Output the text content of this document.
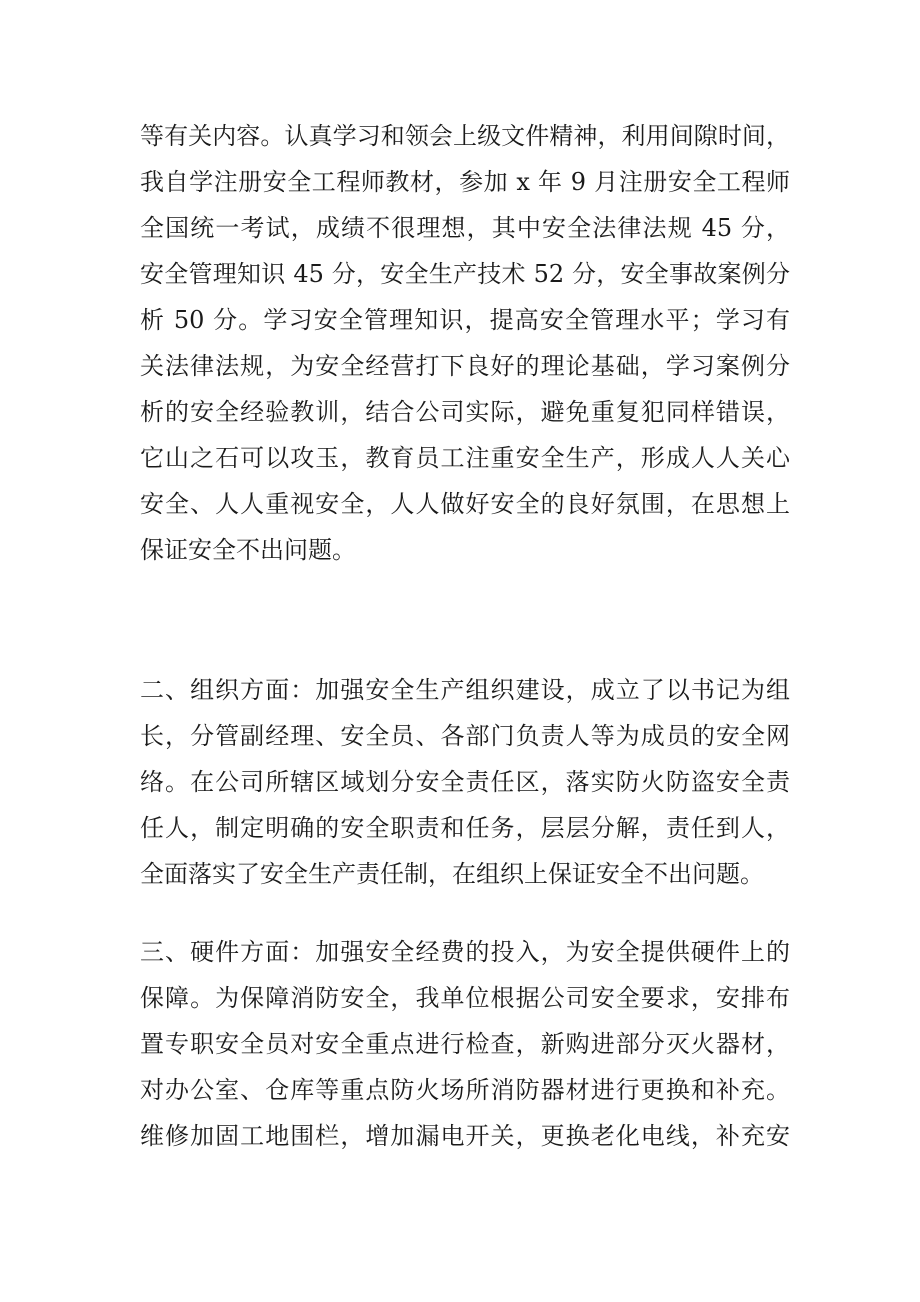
等有关内容。认真学习和领会上级文件精神，利用间隙时间，
我自学注册安全工程师教材，参加 x 年 9 月注册安全工程师
全国统一考试，成绩不很理想，其中安全法律法规 45 分，
安全管理知识 45 分，安全生产技术 52 分，安全事故案例分
析 50 分。学习安全管理知识，提高安全管理水平；学习有
关法律法规，为安全经营打下良好的理论基础，学习案例分
析的安全经验教训，结合公司实际，避免重复犯同样错误，
它山之石可以攻玉，教育员工注重安全生产，形成人人关心
安全、人人重视安全，人人做好安全的良好氛围，在思想上
保证安全不出问题。
二、组织方面：加强安全生产组织建设，成立了以书记为组
长，分管副经理、安全员、各部门负责人等为成员的安全网
络。在公司所辖区域划分安全责任区，落实防火防盗安全责
任人，制定明确的安全职责和任务，层层分解，责任到人，
全面落实了安全生产责任制，在组织上保证安全不出问题。
三、硬件方面：加强安全经费的投入，为安全提供硬件上的
保障。为保障消防安全，我单位根据公司安全要求，安排布
置专职安全员对安全重点进行检查，新购进部分灭火器材，
对办公室、仓库等重点防火场所消防器材进行更换和补充。
维修加固工地围栏，增加漏电开关，更换老化电线，补充安
